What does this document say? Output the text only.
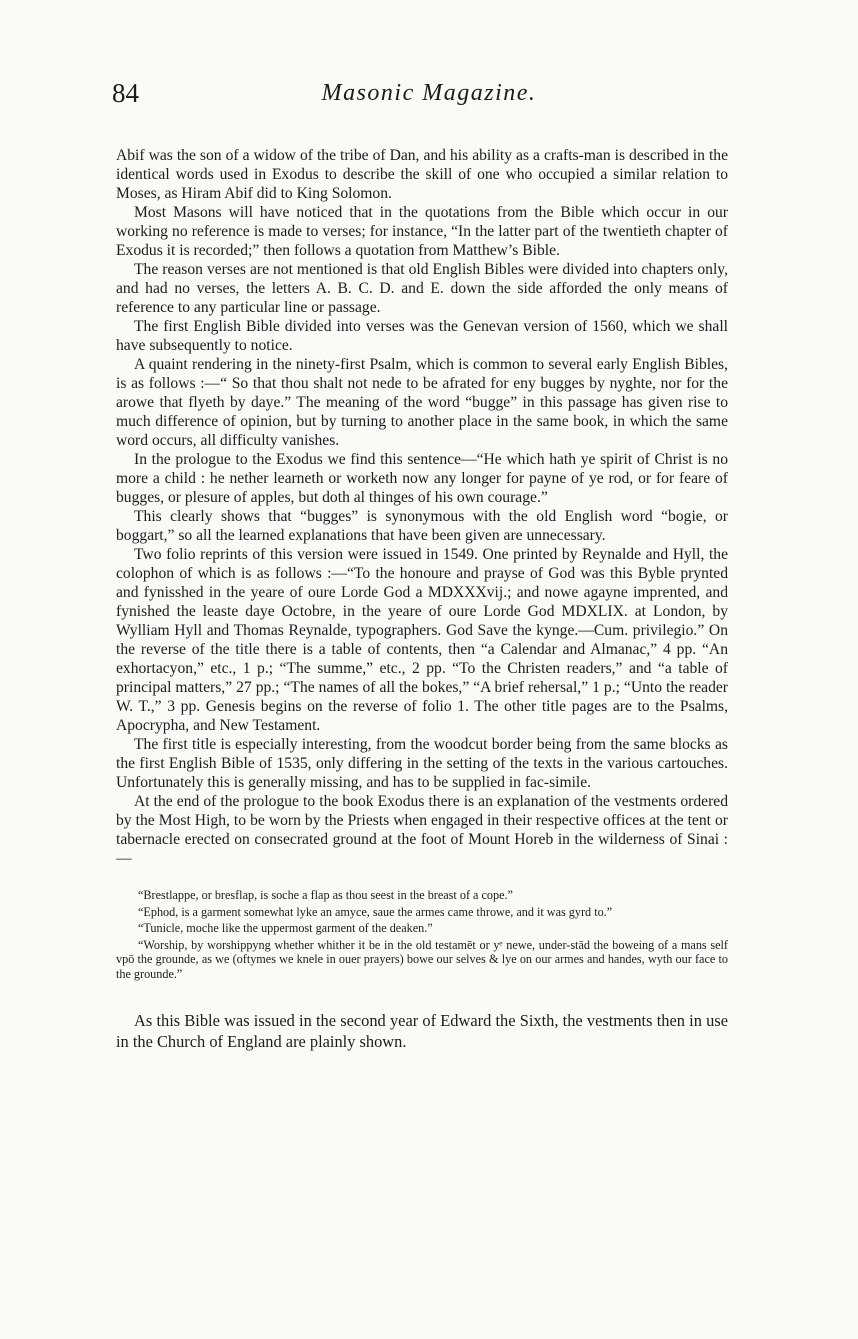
84	Masonic Magazine.

Abif was the son of a widow of the tribe of Dan, and his ability as a crafts-man is described in the identical words used in Exodus to describe the skill of one who occupied a similar relation to Moses, as Hiram Abif did to King Solomon.

Most Masons will have noticed that in the quotations from the Bible which occur in our working no reference is made to verses; for instance, “In the latter part of the twentieth chapter of Exodus it is recorded;” then follows a quotation from Matthew’s Bible.

The reason verses are not mentioned is that old English Bibles were divided into chapters only, and had no verses, the letters A. B. C. D. and E. down the side afforded the only means of reference to any particular line or passage.

The first English Bible divided into verses was the Genevan version of 1560, which we shall have subsequently to notice.

A quaint rendering in the ninety-first Psalm, which is common to several early English Bibles, is as follows :—“ So that thou shalt not nede to be afrated for eny bugges by nyghte, nor for the arowe that flyeth by daye.” The meaning of the word “bugge” in this passage has given rise to much difference of opinion, but by turning to another place in the same book, in which the same word occurs, all difficulty vanishes.

In the prologue to the Exodus we find this sentence—“He which hath ye spirit of Christ is no more a child : he nether learneth or worketh now any longer for payne of ye rod, or for feare of bugges, or plesure of apples, but doth al thinges of his own courage.”

This clearly shows that “bugges” is synonymous with the old English word “bogie, or boggart,” so all the learned explanations that have been given are unnecessary.

Two folio reprints of this version were issued in 1549. One printed by Reynalde and Hyll, the colophon of which is as follows :—“To the honoure and prayse of God was this Byble prynted and fynisshed in the yeare of oure Lorde God a MDXXXvij.; and nowe agayne imprented, and fynished the leaste daye Octobre, in the yeare of oure Lorde God MDXLIX. at London, by Wylliam Hyll and Thomas Reynalde, typographers. God Save the kynge.—Cum. privilegio.” On the reverse of the title there is a table of contents, then “a Calendar and Almanac,” 4 pp. “An exhortacyon,” etc., 1 p.; “The summe,” etc., 2 pp. “To the Christen readers,” and “a table of principal matters,” 27 pp.; “The names of all the bokes,” “A brief rehersal,” 1 p.; “Unto the reader W. T.,” 3 pp. Genesis begins on the reverse of folio 1. The other title pages are to the Psalms, Apocrypha, and New Testament.

The first title is especially interesting, from the woodcut border being from the same blocks as the first English Bible of 1535, only differing in the setting of the texts in the various cartouches. Unfortunately this is generally missing, and has to be supplied in fac-simile.

At the end of the prologue to the book Exodus there is an explanation of the vestments ordered by the Most High, to be worn by the Priests when engaged in their respective offices at the tent or tabernacle erected on consecrated ground at the foot of Mount Horeb in the wilderness of Sinai :—

“Brestlappe, or bresflap, is soche a flap as thou seest in the breast of a cope.”

“Ephod, is a garment somewhat lyke an amyce, saue the armes came throwe, and it was gyrd to.”

“Tunicle, moche like the uppermost garment of the deaken.”

“Worship, by worshippyng whether whither it be in the old testamēt or yᵉ newe, under-stād the boweing of a mans self vpō the grounde, as we (oftymes we knele in ouer prayers) bowe our selves & lye on our armes and handes, wyth our face to the grounde.”

As this Bible was issued in the second year of Edward the Sixth, the vestments then in use in the Church of England are plainly shown.
